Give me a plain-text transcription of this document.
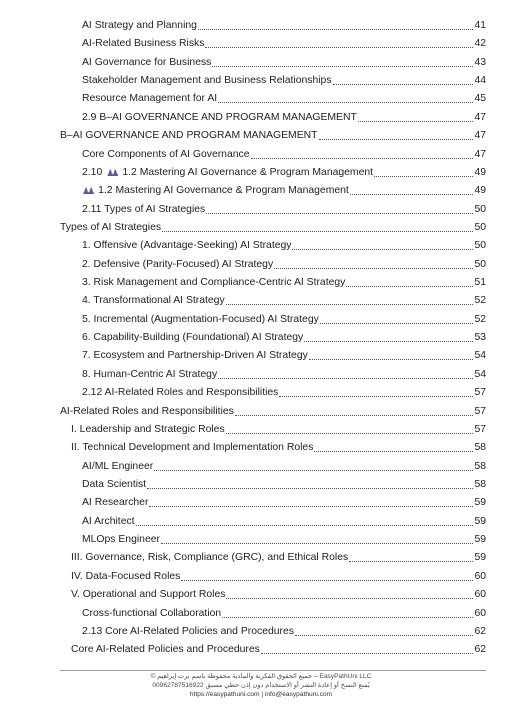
AI Strategy and Planning	41
AI-Related Business Risks	42
AI Governance for Business	43
Stakeholder Management and Business Relationships	44
Resource Management for AI	45
2.9 B–AI GOVERNANCE AND PROGRAM MANAGEMENT	47
B–AI GOVERNANCE AND PROGRAM MANAGEMENT	47
Core Components of AI Governance	47
2.10 ♟♟ 1.2 Mastering AI Governance & Program Management	49
♟♟ 1.2 Mastering AI Governance & Program Management	49
2.11 Types of AI Strategies	50
Types of AI Strategies	50
1. Offensive (Advantage-Seeking) AI Strategy	50
2. Defensive (Parity-Focused) AI Strategy	50
3. Risk Management and Compliance-Centric AI Strategy	51
4. Transformational AI Strategy	52
5. Incremental (Augmentation-Focused) AI Strategy	52
6. Capability-Building (Foundational) AI Strategy	53
7. Ecosystem and Partnership-Driven AI Strategy	54
8. Human-Centric AI Strategy	54
2.12 AI-Related Roles and Responsibilities	57
AI-Related Roles and Responsibilities	57
I. Leadership and Strategic Roles	57
II. Technical Development and Implementation Roles	58
AI/ML Engineer	58
Data Scientist	58
AI Researcher	59
AI Architect	59
MLOps Engineer	59
III. Governance, Risk, Compliance (GRC), and Ethical Roles	59
IV. Data-Focused Roles	60
V. Operational and Support Roles	60
Cross-functional Collaboration	60
2.13 Core AI-Related Policies and Procedures	62
Core AI-Related Policies and Procedures	62
© جميع الحقوق الفكرية والمادية محفوظة باسم برت إبراهيم – EasyPathUni LLC
00962787516922 يُمنع النسخ أو إعادة النشر أو الاستخدام دون إذن خطي مسبق
https://easypathuni.com | info@easypathuni.com
